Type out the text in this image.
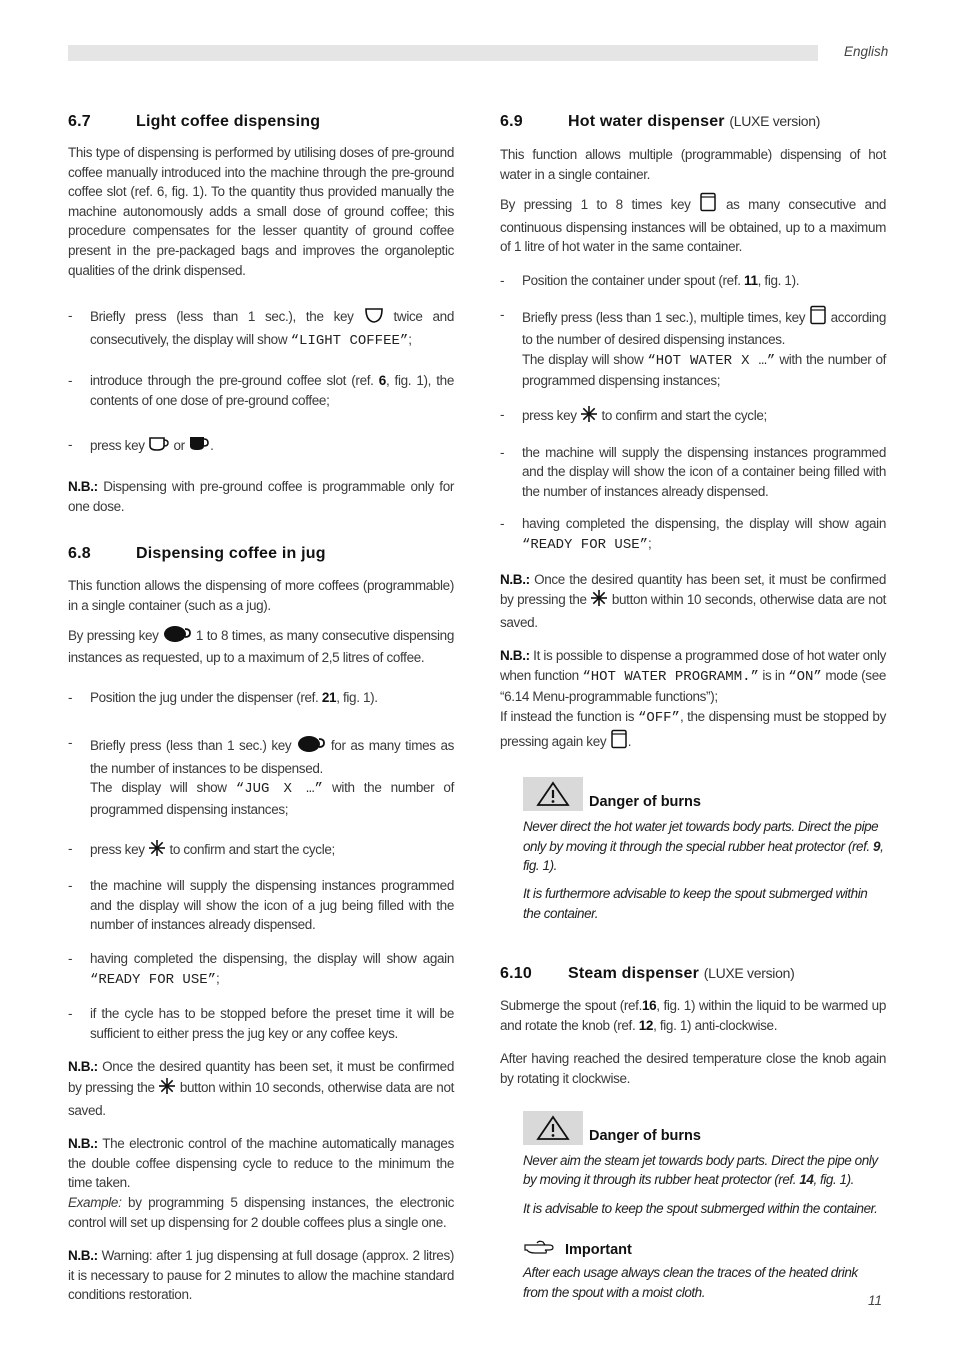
English
6.7	Light coffee dispensing

This type of dispensing is performed by utilising doses of pre-ground coffee manually introduced into the machine through the pre-ground coffee slot (ref. 6, fig. 1). To the quantity thus provided manually the machine autonomously adds a small dose of ground coffee; this procedure compensates for the lesser quantity of ground coffee present in the pre-packaged bags and improves the organoleptic qualities of the drink dispensed.

- Briefly press (less than 1 sec.), the key	twice and consecutively, the display will show “LIGHT COFFEE”;

- introduce through the pre-ground coffee slot (ref. 6, fig. 1), the contents of one dose of pre-ground coffee;

- press key or .

N.B.: Dispensing with pre-ground coffee is programmable only for one dose.

6.8	Dispensing coffee in jug

This function allows the dispensing of more coffees (programmable) in a single container (such as a jug).

By pressing key	1 to 8 times, as many consecutive dispensing instances as requested, up to a maximum of 2,5 litres of coffee.

- Position the jug under the dispenser (ref. 21, fig. 1).

- Briefly press (less than 1 sec.) key	for as many times as the number of instances to be dispensed.
The display will show “JUG X …” with the number of programmed dispensing instances;

- press key to confirm and start the cycle;

- the machine will supply the dispensing instances programmed and the display will show the icon of a jug being filled with the number of instances already dispensed.

- having completed the dispensing, the display will show again “READY FOR USE”;

- if the cycle has to be stopped before the preset time it will be sufficient to either press the jug key or any coffee keys.

N.B.: Once the desired quantity has been set, it must be confirmed by pressing the button within 10 seconds, otherwise data are not saved.

N.B.: The electronic control of the machine automatically manages the double coffee dispensing cycle to reduce to the minimum the time taken.
Example: by programming 5 dispensing instances, the electronic control will set up dispensing for 2 double coffees plus a single one.

N.B.: Warning: after 1 jug dispensing at full dosage (approx. 2 litres) it is necessary to pause for 2 minutes to allow the machine standard conditions restoration.

6.9	Hot water dispenser (LUXE version)

This function allows multiple (programmable) dispensing of hot water in a single container.

By pressing 1 to 8 times key	as many consecutive and continuous dispensing instances will be obtained, up to a maximum of 1 litre of hot water in the same container.

- Position the container under spout (ref. 11, fig. 1).

- Briefly press (less than 1 sec.), multiple times, key according to the number of desired dispensing instances.
The display will show “HOT WATER X …” with the number of programmed dispensing instances;

- press key to confirm and start the cycle;

- the machine will supply the dispensing instances programmed and the display will show the icon of a container being filled with the number of instances already dispensed.

- having completed the dispensing, the display will show again “READY FOR USE”;

N.B.: Once the desired quantity has been set, it must be confirmed by pressing the button within 10 seconds, otherwise data are not saved.

N.B.: It is possible to dispense a programmed dose of hot water only when function “HOT WATER PROGRAMM.” is in “ON” mode (see “6.14 Menu-programmable functions”);
If instead the function is “OFF”, the dispensing must be stopped by pressing again key .

Danger of burns

Never direct the hot water jet towards body parts. Direct the pipe only by moving it through the special rubber heat protector (ref. 9, fig. 1).

It is furthermore advisable to keep the spout submerged within the container.

6.10 Steam dispenser (LUXE version)

Submerge the spout (ref.16, fig. 1) within the liquid to be warmed up and rotate the knob (ref. 12, fig. 1) anti-clockwise.

After having reached the desired temperature close the knob again by rotating it clockwise.

Danger of burns

Never aim the steam jet towards body parts. Direct the pipe only by moving it through its rubber heat protector (ref. 14, fig. 1).

It is advisable to keep the spout submerged within the container.

Important

After each usage always clean the traces of the heated drink from the spout with a moist cloth.

11
